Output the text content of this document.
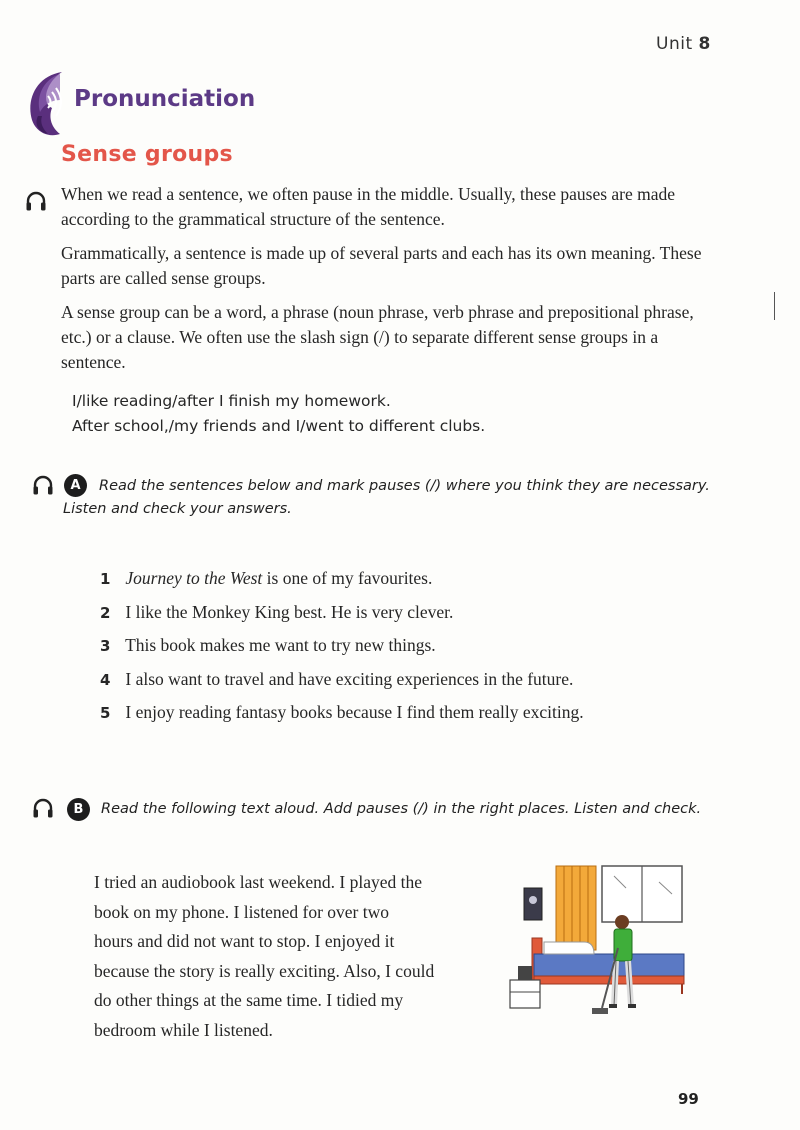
Unit 8
Pronunciation
Sense groups
When we read a sentence, we often pause in the middle. Usually, these pauses are made according to the grammatical structure of the sentence.
Grammatically, a sentence is made up of several parts and each has its own meaning. These parts are called sense groups.
A sense group can be a word, a phrase (noun phrase, verb phrase and prepositional phrase, etc.) or a clause. We often use the slash sign (/) to separate different sense groups in a sentence.
I/like reading/after I finish my homework.
After school,/my friends and I/went to different clubs.
A	Read the sentences below and mark pauses (/) where you think they are necessary.
Listen and check your answers.
1 Journey to the West is one of my favourites.
2 I like the Monkey King best. He is very clever.
3 This book makes me want to try new things.
4 I also want to travel and have exciting experiences in the future.
5 I enjoy reading fantasy books because I find them really exciting.
B	Read the following text aloud. Add pauses (/) in the right places. Listen and check.
I tried an audiobook last weekend. I played the
book on my phone. I listened for over two
hours and did not want to stop. I enjoyed it
because the story is really exciting. Also, I could
do other things at the same time. I tidied my
bedroom while I listened.
99
